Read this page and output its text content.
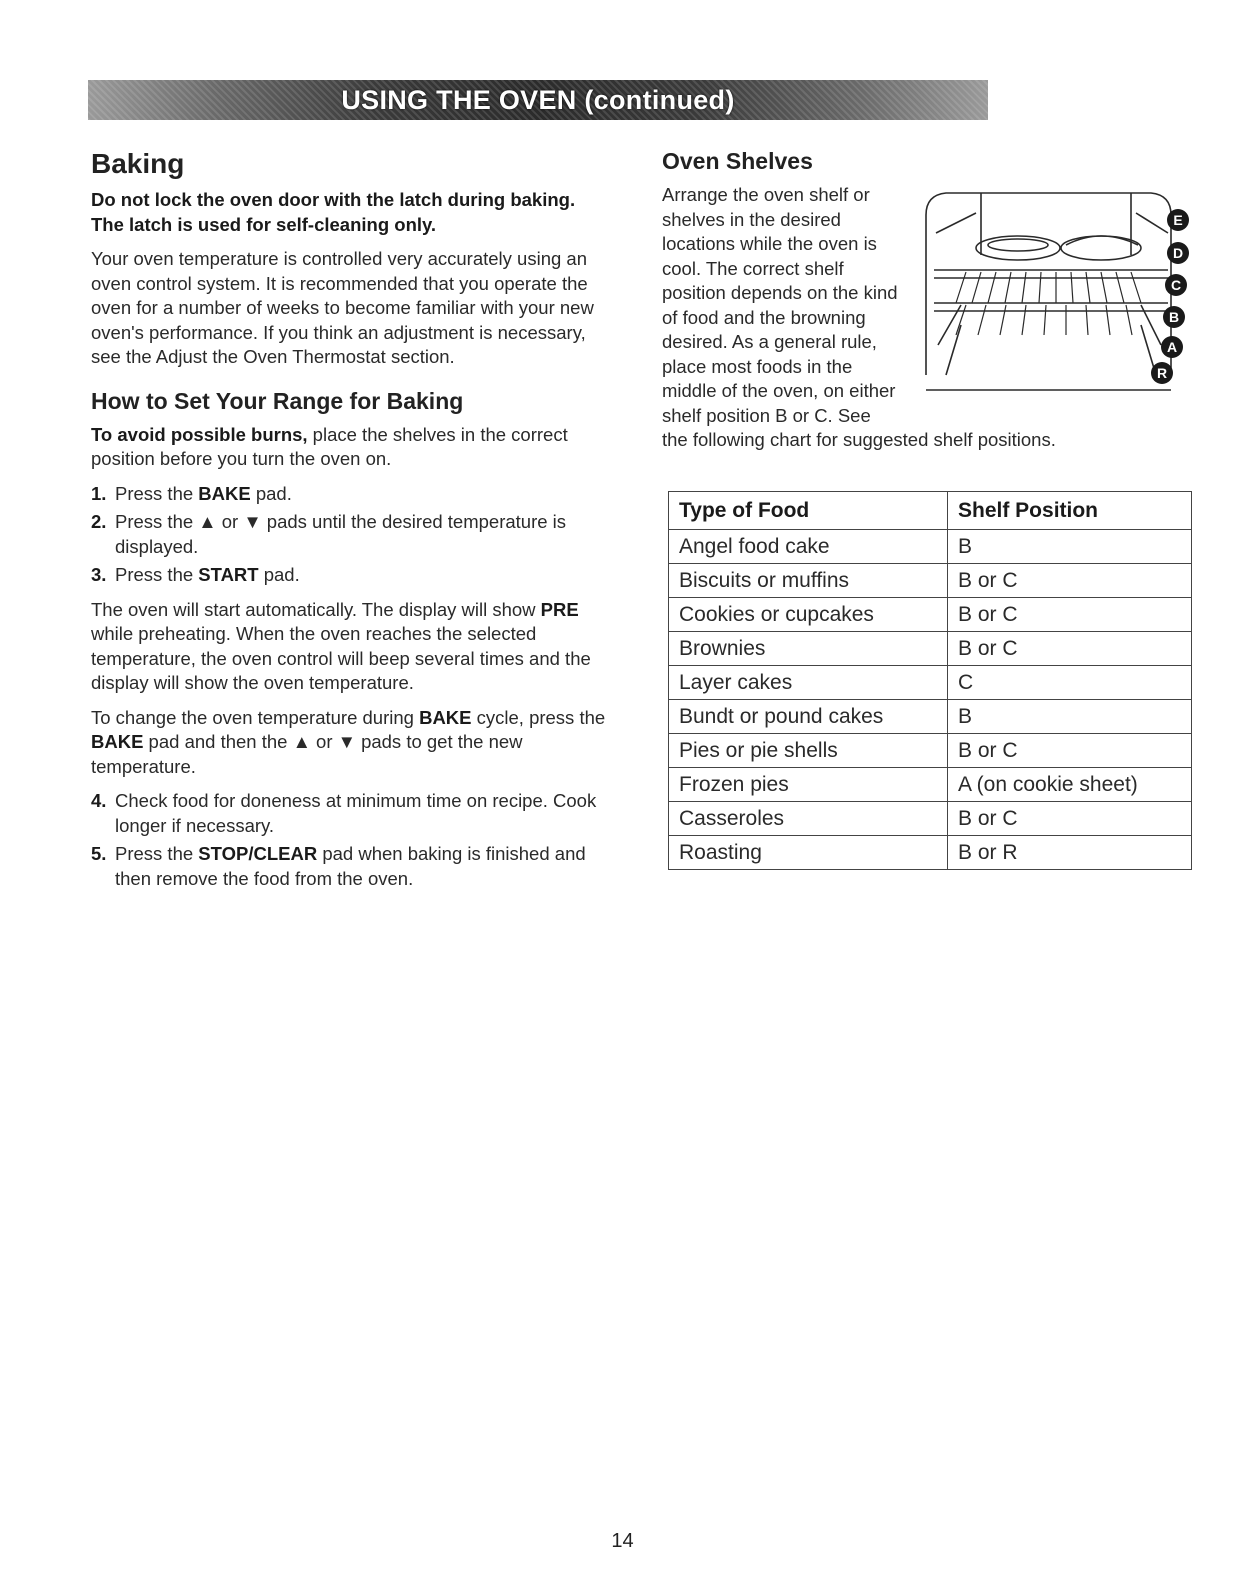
USING THE OVEN (continued)
Baking

Do not lock the oven door with the latch during baking. The latch is used for self-cleaning only.

Your oven temperature is controlled very accurately using an oven control system. It is recommended that you operate the oven for a number of weeks to become familiar with your new oven's performance. If you think an adjustment is necessary, see the Adjust the Oven Thermostat section.

How to Set Your Range for Baking

To avoid possible burns, place the shelves in the correct position before you turn the oven on.

1. Press the BAKE pad.
2. Press the ▲ or ▼ pads until the desired temperature is displayed.
3. Press the START pad.

The oven will start automatically. The display will show PRE while preheating. When the oven reaches the selected temperature, the oven control will beep several times and the display will show the oven temperature.

To change the oven temperature during BAKE cycle, press the BAKE pad and then the ▲ or ▼ pads to get the new temperature.

4. Check food for doneness at minimum time on recipe. Cook longer if necessary.
5. Press the STOP/CLEAR pad when baking is finished and then remove the food from the oven.
Oven Shelves
E
D
C
B
A
R

Arrange the oven shelf or shelves in the desired locations while the oven is cool. The correct shelf position depends on the kind of food and the browning desired. As a general rule, place most foods in the middle of the oven, on either shelf position B or C. See the following chart for suggested shelf positions.

Type of Food	Shelf Position
Angel food cake	B
Biscuits or muffins	B or C
Cookies or cupcakes	B or C
Brownies	B or C
Layer cakes	C
Bundt or pound cakes	B
Pies or pie shells	B or C
Frozen pies	A (on cookie sheet)
Casseroles	B or C
Roasting	B or R
14
